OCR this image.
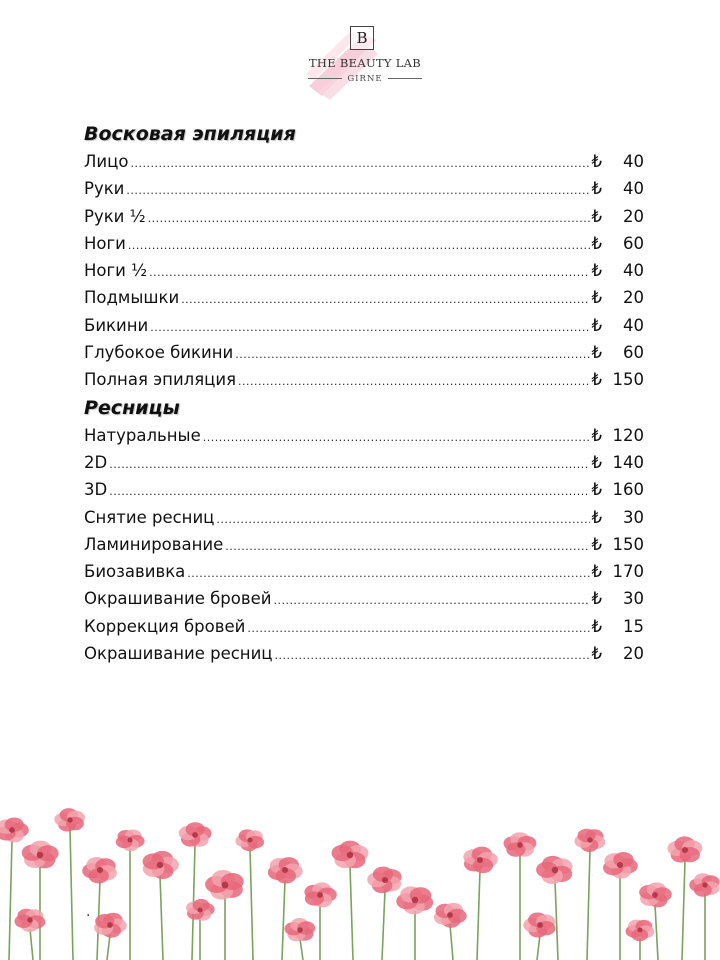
B
THE BEAUTY LAB
GIRNE
Восковая эпиляция
Лицо .....	₺	40
Руки .....	₺	40
Руки ½ .....	₺	20
Ноги .....	₺	60
Ноги ½ .....	₺	40
Подмышки .....	₺	20
Бикини .....	₺	40
Глубокое бикини .....	₺	60
Полная эпиляция .....	₺ 150
Ресницы
Натуральные .....	₺ 120
2D .....	₺ 140
3D .....	₺ 160
Снятие ресниц .....	₺	30
Ламинирование .....	₺ 150
Биозавивка .....	₺ 170
Окрашивание бровей .....	₺	30
Коррекция бровей .....	₺	15
Окрашивание ресниц .....	₺	20
.
